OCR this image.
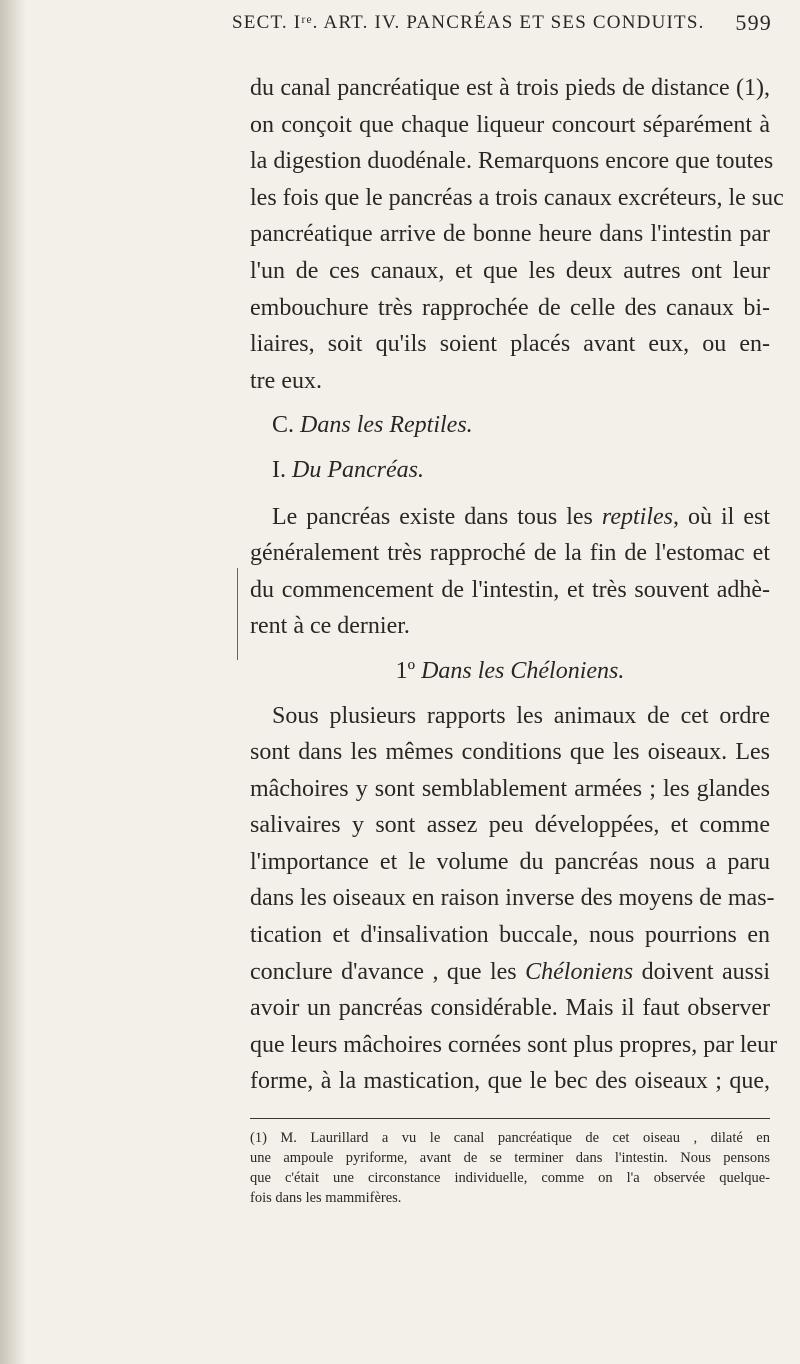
SECT. Iʳᵉ. ART. IV. PANCRÉAS ET SES CONDUITS. 599
du canal pancréatique est à trois pieds de distance (1),
on conçoit que chaque liqueur concourt séparément à
la digestion duodénale. Remarquons encore que toutes
les fois que le pancréas a trois canaux excréteurs, le suc
pancréatique arrive de bonne heure dans l'intestin par
l'un de ces canaux, et que les deux autres ont leur
embouchure très rapprochée de celle des canaux bi-
liaires, soit qu'ils soient placés avant eux, ou en-
tre eux.
C. Dans les Reptiles.
I. Du Pancréas.
Le pancréas existe dans tous les reptiles, où il est
généralement très rapproché de la fin de l'estomac et
du commencement de l'intestin, et très souvent adhè-
rent à ce dernier.
1º Dans les Chéloniens.
Sous plusieurs rapports les animaux de cet ordre
sont dans les mêmes conditions que les oiseaux. Les
mâchoires y sont semblablement armées ; les glandes
salivaires y sont assez peu développées, et comme
l'importance et le volume du pancréas nous a paru
dans les oiseaux en raison inverse des moyens de mas-
tication et d'insalivation buccale, nous pourrions en
conclure d'avance , que les Chéloniens doivent aussi
avoir un pancréas considérable. Mais il faut observer
que leurs mâchoires cornées sont plus propres, par leur
forme, à la mastication, que le bec des oiseaux ; que,
(1) M. Laurillard a vu le canal pancréatique de cet oiseau , dilaté en
une ampoule pyriforme, avant de se terminer dans l'intestin. Nous pensons
que c'était une circonstance individuelle, comme on l'a observée quelque-
fois dans les mammifères.
